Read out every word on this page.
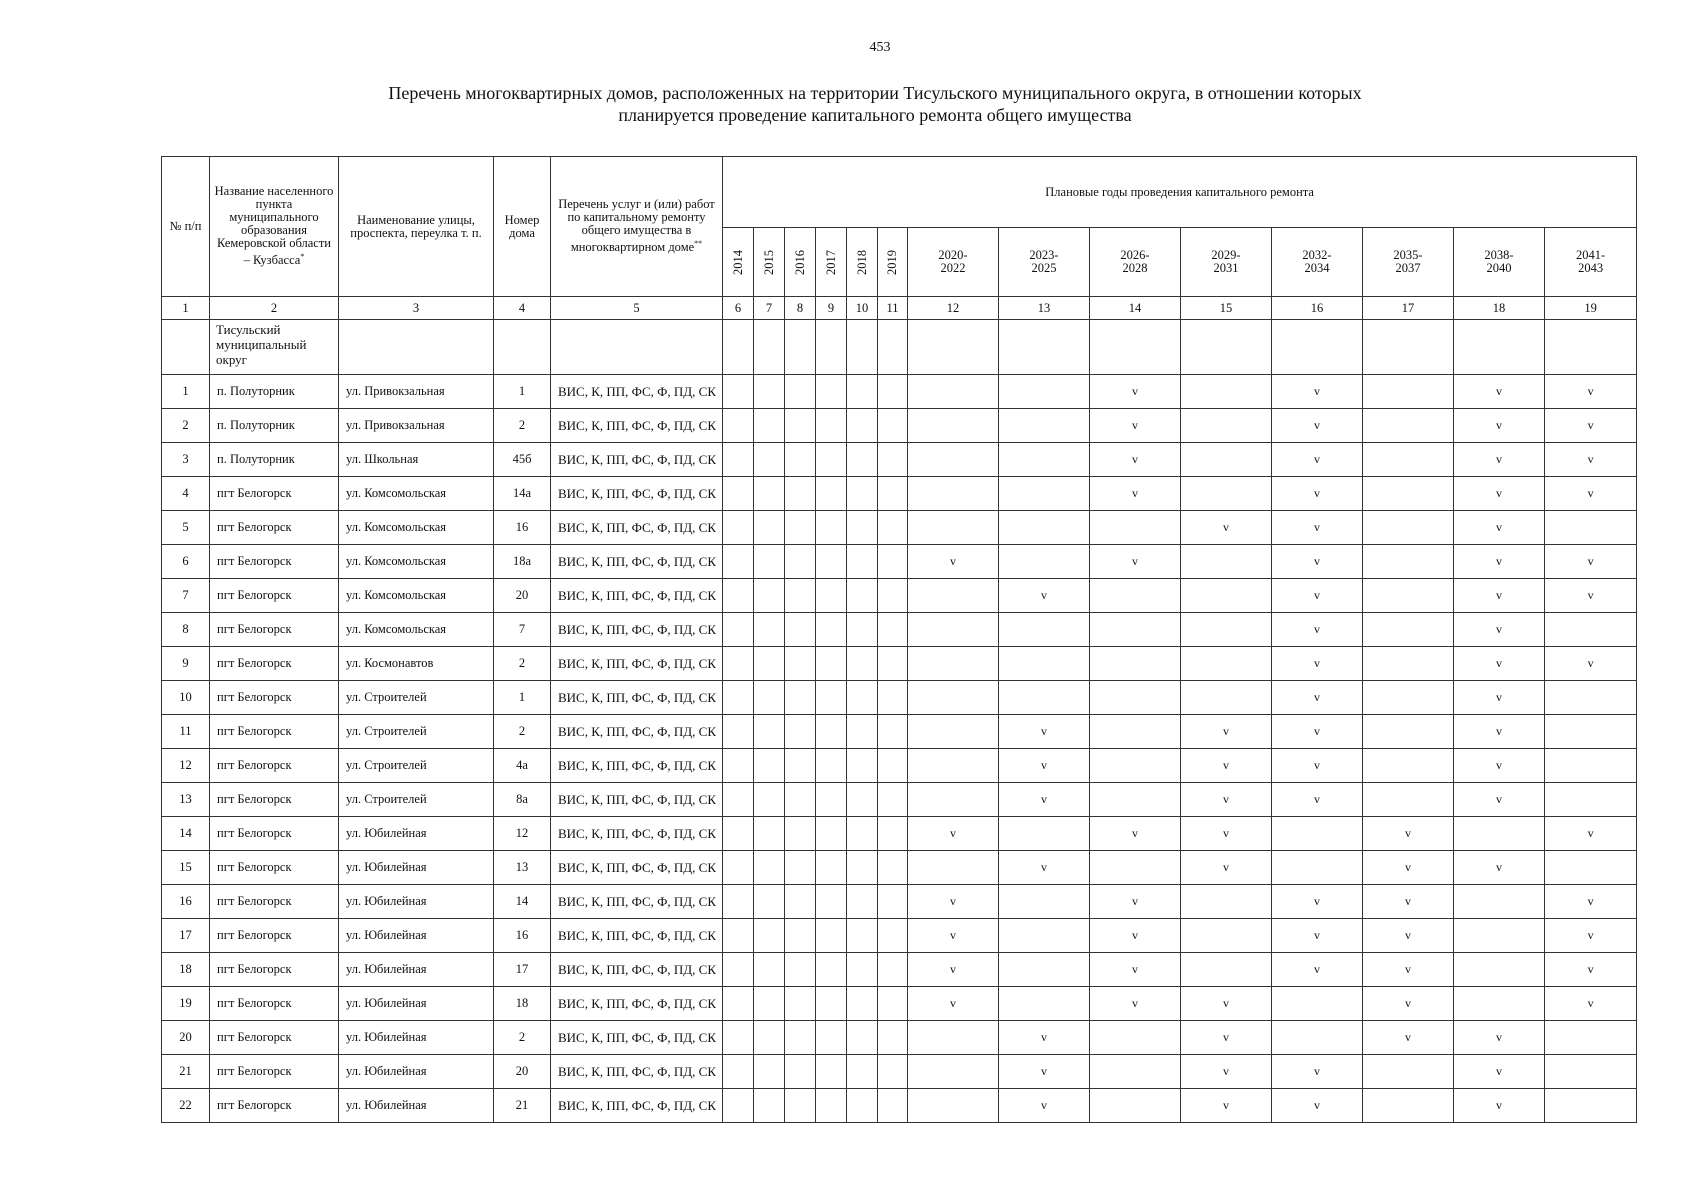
453
Перечень многоквартирных домов, расположенных на территории Тисульского муниципального округа, в отношении которых
планируется проведение капитального ремонта общего имущества
№ п/п	Название населенного пункта муниципального образования Кемеровской области – Кузбасса*	Наименование улицы, проспекта, переулка т. п.	Номер дома	Перечень услуг и (или) работ по капитальному ремонту общего имущества в многоквартирном доме**	Плановые годы проведения капитального ремонта													
					2014	2015	2016	2017	2018	2019	2020-2022	2023-2025	2026-2028	2029-2031	2032-2034	2035-2037	2038-2040	2041-2043
1	2	3	4	5	6	7	8	9	10	11	12	13	14	15	16	17	18	19
	Тисульский муниципальный округ																	
1	п. Полуторник	ул. Привокзальная	1	ВИС, К, ПП, ФС, Ф, ПД, СК									v		v		v	v
2	п. Полуторник	ул. Привокзальная	2	ВИС, К, ПП, ФС, Ф, ПД, СК									v		v		v	v
3	п. Полуторник	ул. Школьная	45б	ВИС, К, ПП, ФС, Ф, ПД, СК									v		v		v	v
4	пгт Белогорск	ул. Комсомольская	14а	ВИС, К, ПП, ФС, Ф, ПД, СК									v		v		v	v
5	пгт Белогорск	ул. Комсомольская	16	ВИС, К, ПП, ФС, Ф, ПД, СК										v	v		v	
6	пгт Белогорск	ул. Комсомольская	18а	ВИС, К, ПП, ФС, Ф, ПД, СК							v		v		v		v	v
7	пгт Белогорск	ул. Комсомольская	20	ВИС, К, ПП, ФС, Ф, ПД, СК								v			v		v	v
8	пгт Белогорск	ул. Комсомольская	7	ВИС, К, ПП, ФС, Ф, ПД, СК											v		v	
9	пгт Белогорск	ул. Космонавтов	2	ВИС, К, ПП, ФС, Ф, ПД, СК											v		v	v
10	пгт Белогорск	ул. Строителей	1	ВИС, К, ПП, ФС, Ф, ПД, СК											v		v	
11	пгт Белогорск	ул. Строителей	2	ВИС, К, ПП, ФС, Ф, ПД, СК								v		v	v		v	
12	пгт Белогорск	ул. Строителей	4а	ВИС, К, ПП, ФС, Ф, ПД, СК								v		v	v		v	
13	пгт Белогорск	ул. Строителей	8а	ВИС, К, ПП, ФС, Ф, ПД, СК								v		v	v		v	
14	пгт Белогорск	ул. Юбилейная	12	ВИС, К, ПП, ФС, Ф, ПД, СК							v		v	v		v		v
15	пгт Белогорск	ул. Юбилейная	13	ВИС, К, ПП, ФС, Ф, ПД, СК								v		v		v	v	
16	пгт Белогорск	ул. Юбилейная	14	ВИС, К, ПП, ФС, Ф, ПД, СК							v		v		v	v		v
17	пгт Белогорск	ул. Юбилейная	16	ВИС, К, ПП, ФС, Ф, ПД, СК							v		v		v	v		v
18	пгт Белогорск	ул. Юбилейная	17	ВИС, К, ПП, ФС, Ф, ПД, СК							v		v		v	v		v
19	пгт Белогорск	ул. Юбилейная	18	ВИС, К, ПП, ФС, Ф, ПД, СК							v		v	v		v		v
20	пгт Белогорск	ул. Юбилейная	2	ВИС, К, ПП, ФС, Ф, ПД, СК								v		v		v	v	
21	пгт Белогорск	ул. Юбилейная	20	ВИС, К, ПП, ФС, Ф, ПД, СК								v		v	v		v	
22	пгт Белогорск	ул. Юбилейная	21	ВИС, К, ПП, ФС, Ф, ПД, СК								v		v	v		v	
